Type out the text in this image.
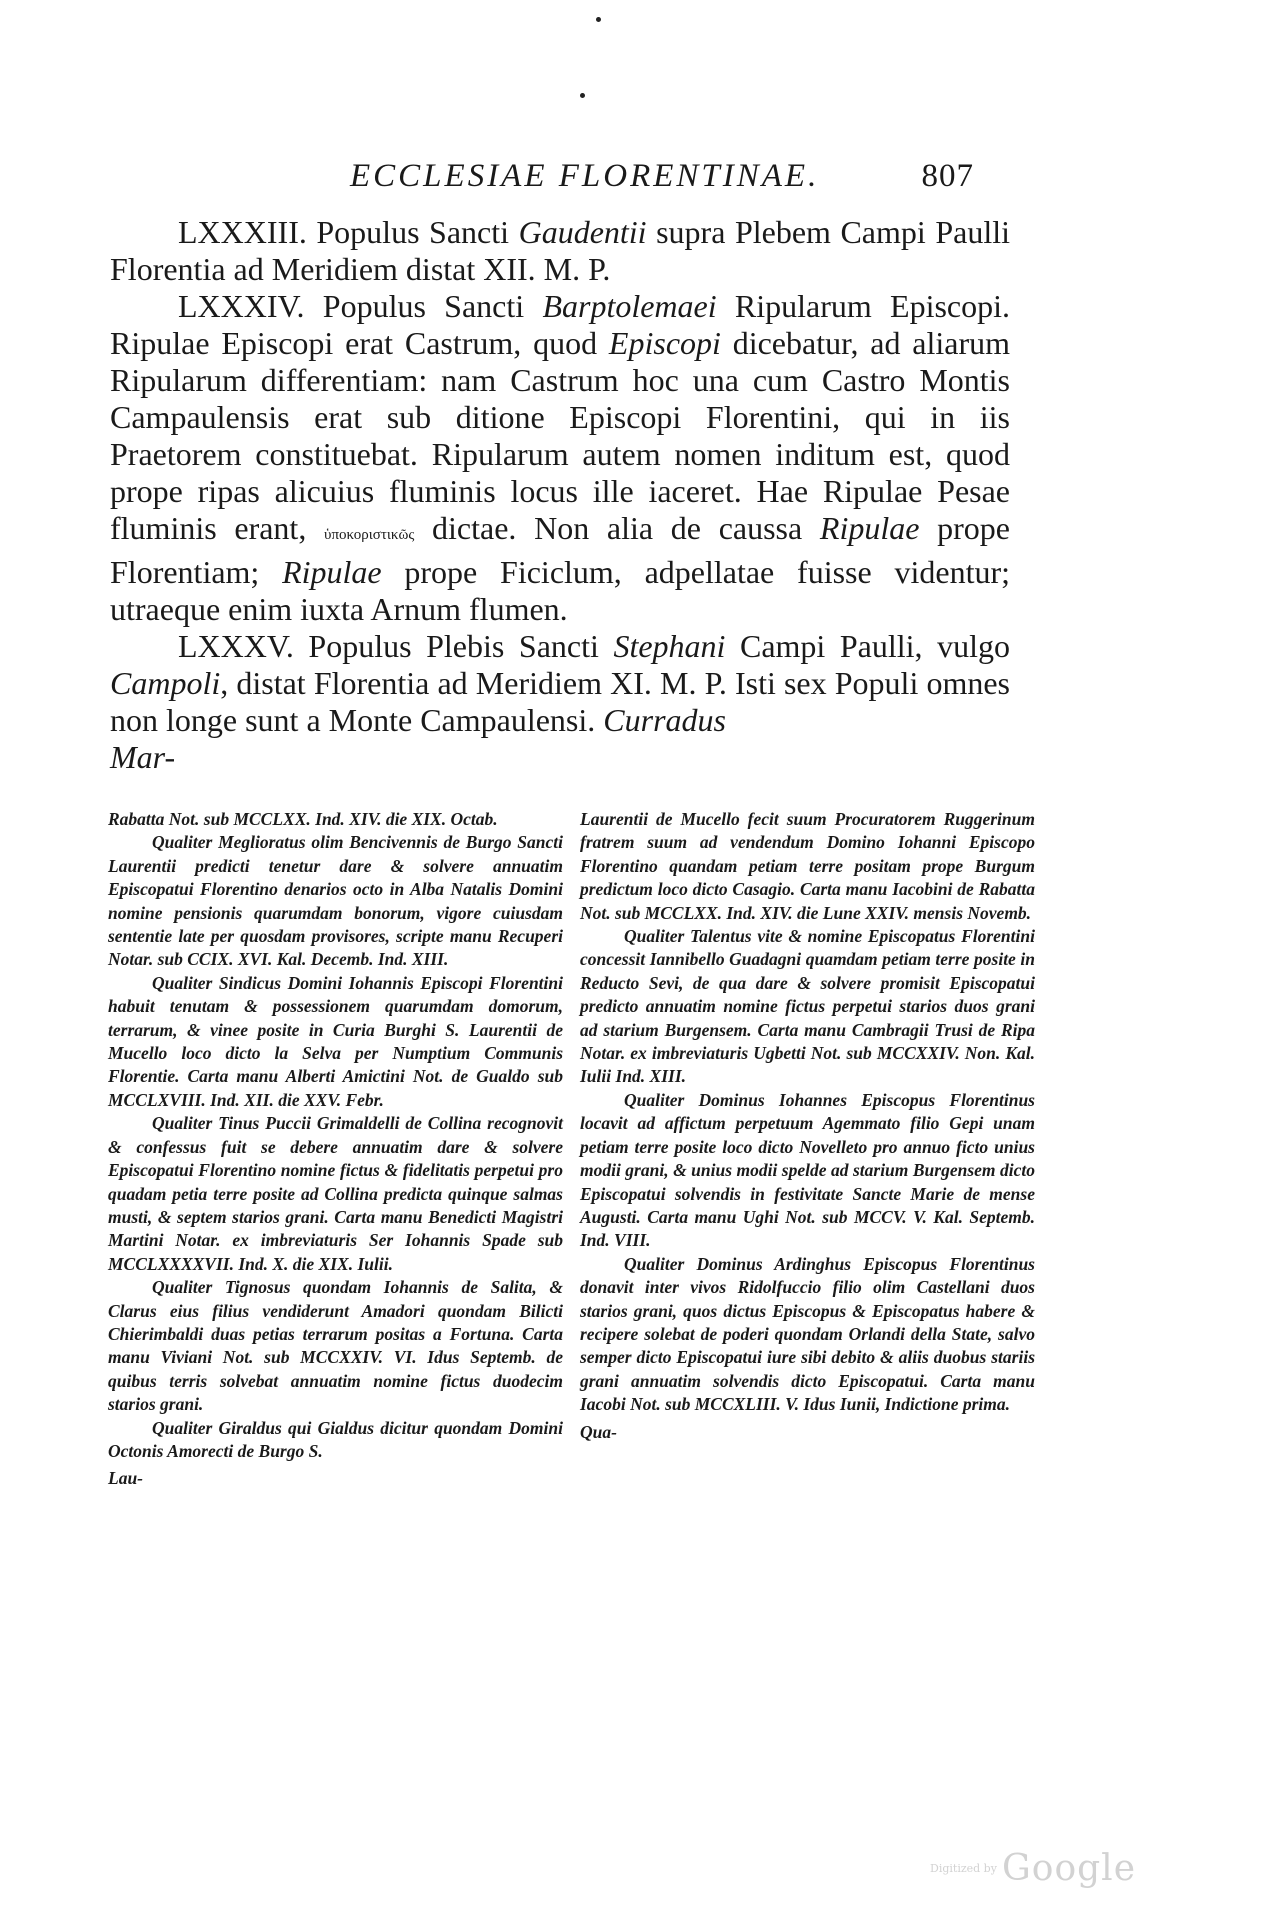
ECCLESIAE FLORENTINAE.	807

LXXXIII. Populus Sancti Gaudentii supra Plebem Campi Paulli Florentia ad Meridiem distat XII. M. P.

LXXXIV. Populus Sancti Barptolemaei Ripularum Episcopi. Ripulae Episcopi erat Castrum, quod Episcopi dicebatur, ad aliarum Ripularum differentiam: nam Castrum hoc una cum Castro Montis Campaulensis erat sub ditione Episcopi Florentini, qui in iis Praetorem constituebat. Ripularum autem nomen inditum est, quod prope ripas alicuius fluminis locus ille iaceret. Hae Ripulae Pesae fluminis erant, ὑποκοριστικῶς dictae. Non alia de caussa Ripulae prope Florentiam; Ripulae prope Ficiclum, adpellatae fuisse videntur; utraeque enim iuxta Arnum flumen.

LXXXV. Populus Plebis Sancti Stephani Campi Paulli, vulgo Campoli, distat Florentia ad Meridiem XI. M. P. Isti sex Populi omnes non longe sunt a Monte Campaulensi. Curradus

Mar-

Rabatta Not. sub MCCLXX. Ind. XIV. die XIX. Octab.

Qualiter Meglioratus olim Bencivennis de Burgo Sancti Laurentii predicti tenetur dare & solvere annuatim Episcopatui Florentino denarios octo in Alba Natalis Domini nomine pensionis quarumdam bonorum, vigore cuiusdam sententie late per quosdam provisores, scripte manu Recuperi Notar. sub CCIX. XVI. Kal. Decemb. Ind. XIII.

Qualiter Sindicus Domini Iohannis Episcopi Florentini habuit tenutam & possessionem quarumdam domorum, terrarum, & vinee posite in Curia Burghi S. Laurentii de Mucello loco dicto la Selva per Numptium Communis Florentie. Carta manu Alberti Amictini Not. de Gualdo sub MCCLXVIII. Ind. XII. die XXV. Febr.

Qualiter Tinus Puccii Grimaldelli de Collina recognovit & confessus fuit se debere annuatim dare & solvere Episcopatui Florentino nomine fictus & fidelitatis perpetui pro quadam petia terre posite ad Collina predicta quinque salmas musti, & septem starios grani. Carta manu Benedicti Magistri Martini Notar. ex imbreviaturis Ser Iohannis Spade sub MCCLXXXXVII. Ind. X. die XIX. Iulii.

Qualiter Tignosus quondam Iohannis de Salita, & Clarus eius filius vendiderunt Amadori quondam Bilicti Chierimbaldi duas petias terrarum positas a Fortuna. Carta manu Viviani Not. sub MCCXXIV. VI. Idus Septemb. de quibus terris solvebat annuatim nomine fictus duodecim starios grani.

Qualiter Giraldus qui Gialdus dicitur quondam Domini Octonis Amorecti de Burgo S.

Lau-

Laurentii de Mucello fecit suum Procuratorem Ruggerinum fratrem suum ad vendendum Domino Iohanni Episcopo Florentino quandam petiam terre positam prope Burgum predictum loco dicto Casagio. Carta manu Iacobini de Rabatta Not. sub MCCLXX. Ind. XIV. die Lune XXIV. mensis Novemb.

Qualiter Talentus vite & nomine Episcopatus Florentini concessit Iannibello Guadagni quamdam petiam terre posite in Reducto Sevi, de qua dare & solvere promisit Episcopatui predicto annuatim nomine fictus perpetui starios duos grani ad starium Burgensem. Carta manu Cambragii Trusi de Ripa Notar. ex imbreviaturis Ugbetti Not. sub MCCXXIV. Non. Kal. Iulii Ind. XIII.

Qualiter Dominus Iohannes Episcopus Florentinus locavit ad affictum perpetuum Agemmato filio Gepi unam petiam terre posite loco dicto Novelleto pro annuo ficto unius modii grani, & unius modii spelde ad starium Burgensem dicto Episcopatui solvendis in festivitate Sancte Marie de mense Augusti. Carta manu Ughi Not. sub MCCV. V. Kal. Septemb. Ind. VIII.

Qualiter Dominus Ardinghus Episcopus Florentinus donavit inter vivos Ridolfuccio filio olim Castellani duos starios grani, quos dictus Episcopus & Episcopatus habere & recipere solebat de poderi quondam Orlandi della State, salvo semper dicto Episcopatui iure sibi debito & aliis duobus stariis grani annuatim solvendis dicto Episcopatui. Carta manu Iacobi Not. sub MCCXLIII. V. Idus Iunii, Indictione prima.

Qua-

Digitized by Google
